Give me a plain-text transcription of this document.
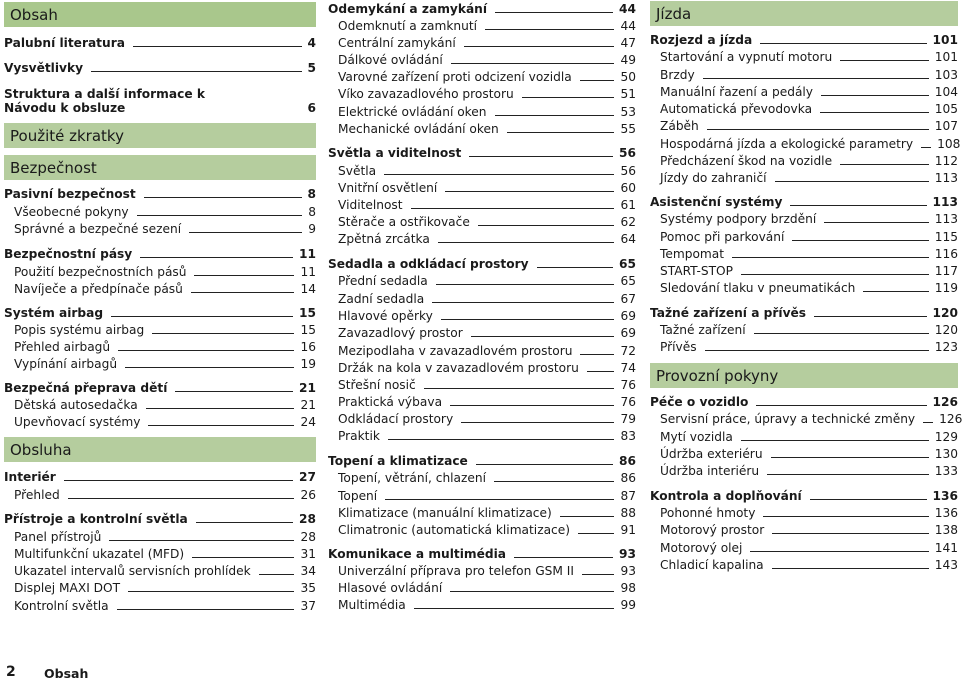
Obsah
Palubní literatura	4
Vysvětlivky	5
Struktura a další informace k Návodu k obsluze	6
Použité zkratky
Bezpečnost
Pasivní bezpečnost	8
Všeobecné pokyny	8
Správné a bezpečné sezení	9
Bezpečnostní pásy	11
Použití bezpečnostních pásů	11
Navíječe a předpínače pásů	14
Systém airbag	15
Popis systému airbag	15
Přehled airbagů	16
Vypínání airbagů	19
Bezpečná přeprava dětí	21
Dětská autosedačka	21
Upevňovací systémy	24
Obsluha
Interiér	27
Přehled	26
Přístroje a kontrolní světla	28
Panel přístrojů	28
Multifunkční ukazatel (MFD)	31
Ukazatel intervalů servisních prohlídek	34
Displej MAXI DOT	35
Kontrolní světla	37
Odemykání a zamykání	44
Odemknutí a zamknutí	44
Centrální zamykání	47
Dálkové ovládání	49
Varovné zařízení proti odcizení vozidla	50
Víko zavazadlového prostoru	51
Elektrické ovládání oken	53
Mechanické ovládání oken	55
Světla a viditelnost	56
Světla	56
Vnitřní osvětlení	60
Viditelnost	61
Stěrače a ostřikovače	62
Zpětná zrcátka	64
Sedadla a odkládací prostory	65
Přední sedadla	65
Zadní sedadla	67
Hlavové opěrky	69
Zavazadlový prostor	69
Mezipodlaha v zavazadlovém prostoru	72
Držák na kola v zavazadlovém prostoru	74
Střešní nosič	76
Praktická výbava	76
Odkládací prostory	79
Praktik	83
Topení a klimatizace	86
Topení, větrání, chlazení	86
Topení	87
Klimatizace (manuální klimatizace)	88
Climatronic (automatická klimatizace)	91
Komunikace a multimédia	93
Univerzální příprava pro telefon GSM II	93
Hlasové ovládání	98
Multimédia	99
Jízda
Rozjezd a jízda	101
Startování a vypnutí motoru	101
Brzdy	103
Manuální řazení a pedály	104
Automatická převodovka	105
Záběh	107
Hospodárná jízda a ekologické parametry 108
Předcházení škod na vozidle	112
Jízdy do zahraničí	113
Asistenční systémy	113
Systémy podpory brzdění	113
Pomoc při parkování	115
Tempomat	116
START-STOP	117
Sledování tlaku v pneumatikách	119
Tažné zařízení a přívěs	120
Tažné zařízení	120
Přívěs	123
Provozní pokyny
Péče o vozidlo	126
Servisní práce, úpravy a technické změny 126
Mytí vozidla	129
Údržba exteriéru	130
Údržba interiéru	133
Kontrola a doplňování	136
Pohonné hmoty	136
Motorový prostor	138
Motorový olej	141
Chladicí kapalina	143
2 Obsah
